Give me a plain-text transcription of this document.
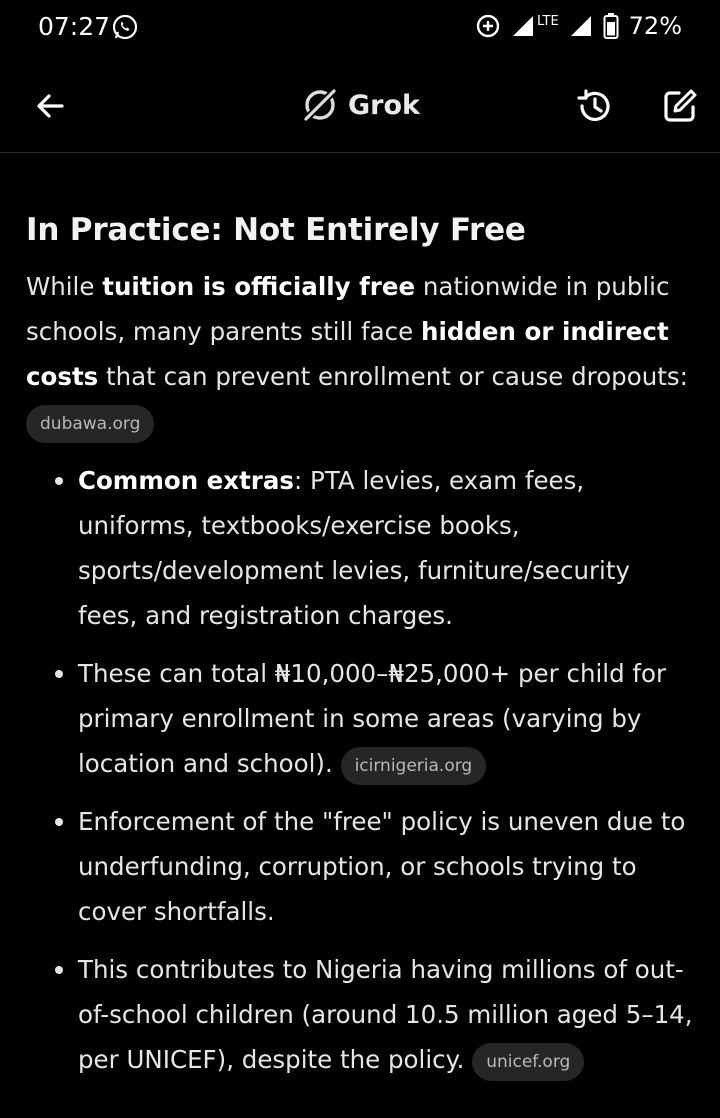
07:27	LTE	72%
Grok
In Practice: Not Entirely Free

While tuition is officially free nationwide in public schools, many parents still face hidden or indirect costs that can prevent enrollment or cause dropouts:
dubawa.org

Common extras: PTA levies, exam fees, uniforms, textbooks/exercise books, sports/development levies, furniture/security fees, and registration charges.
These can total ₦10,000–₦25,000+ per child for primary enrollment in some areas (varying by location and school). icirnigeria.org
Enforcement of the "free" policy is uneven due to underfunding, corruption, or schools trying to cover shortfalls.
This contributes to Nigeria having millions of out-of-school children (around 10.5 million aged 5–14, per UNICEF), despite the policy. unicef.org
